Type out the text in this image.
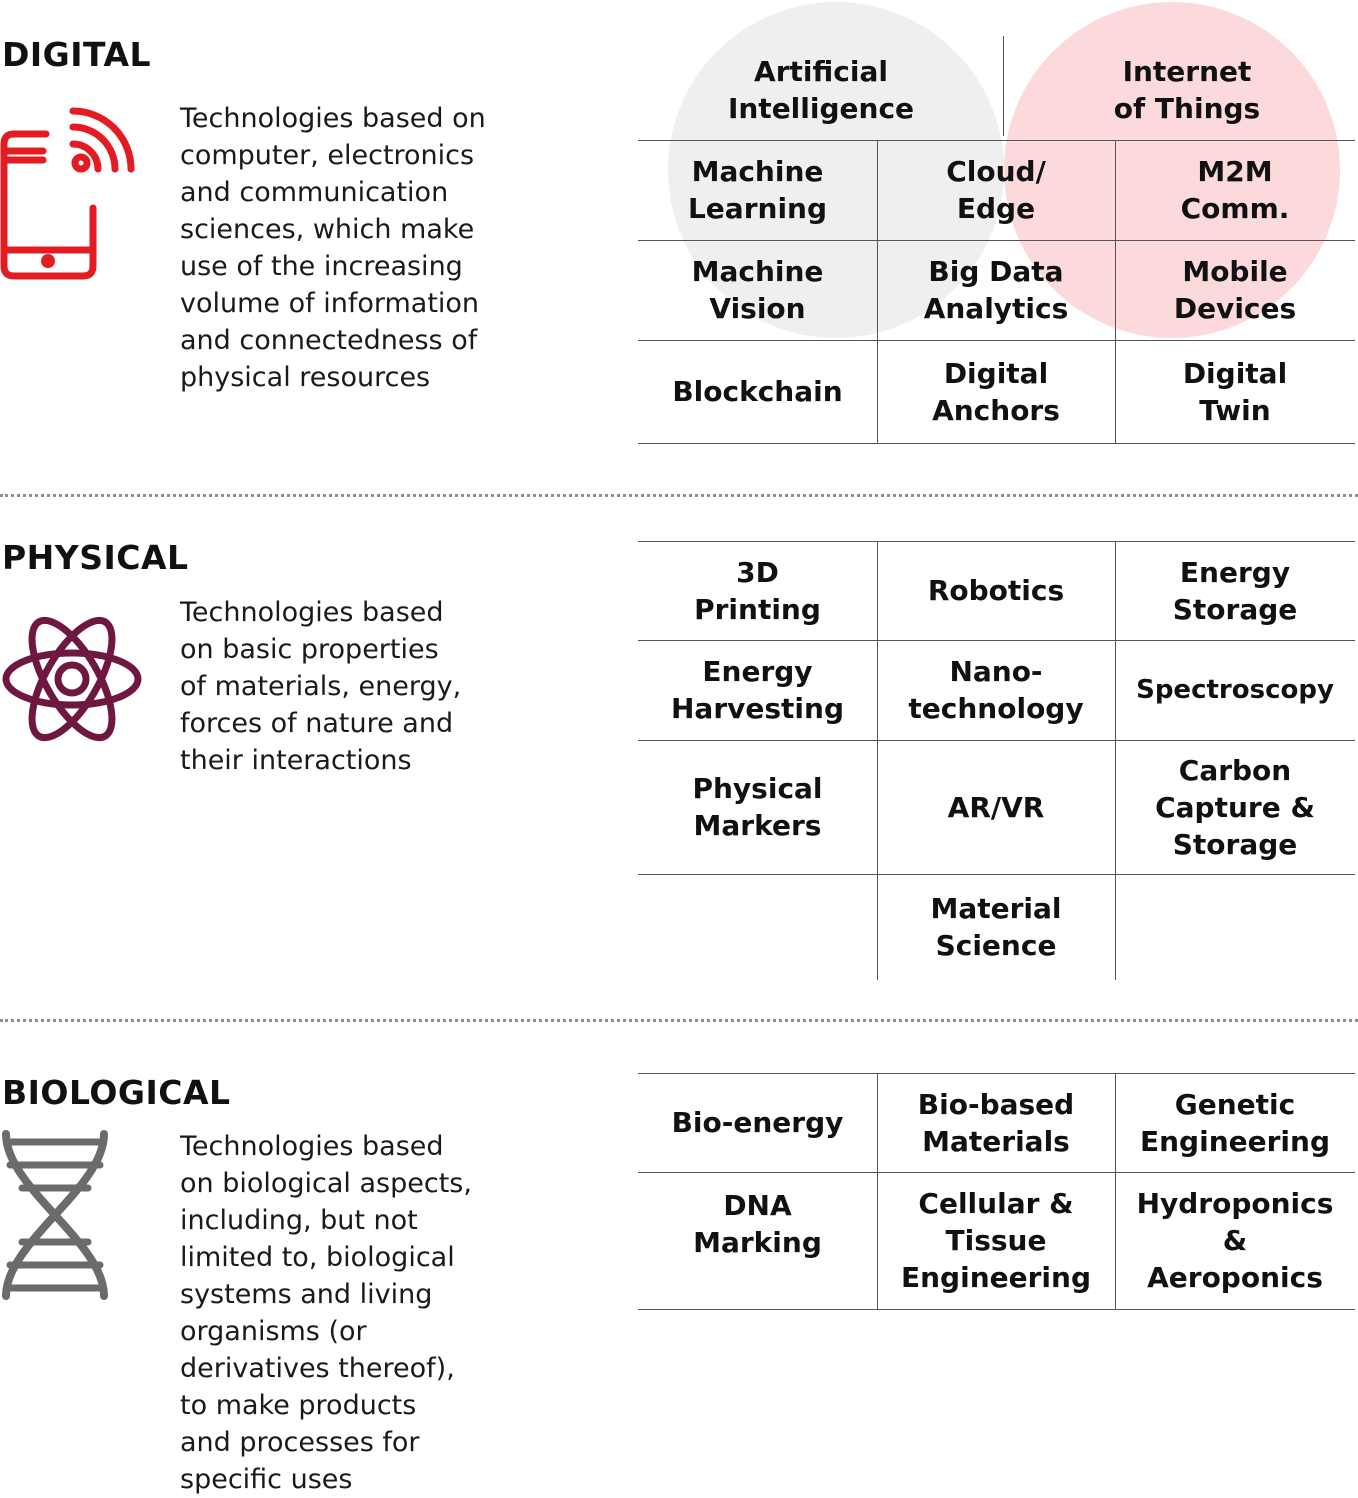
DIGITAL

Technologies based on
computer, electronics
and communication
sciences, which make
use of the increasing
volume of information
and connectedness of
physical resources

Artificial
Intelligence
Internet
of Things
Machine
Learning
Cloud/
Edge
M2M
Comm.
Machine
Vision
Big Data
Analytics
Mobile
Devices
Blockchain
Digital
Anchors
Digital
Twin
PHYSICAL

Technologies based
on basic properties
of materials, energy,
forces of nature and
their interactions

3D
Printing
Robotics
Energy
Storage
Energy
Harvesting
Nano-
technology
Spectroscopy
Physical
Markers
AR/VR
Carbon
Capture &
Storage
Material
Science
BIOLOGICAL

Technologies based
on biological aspects,
including, but not
limited to, biological
systems and living
organisms (or
derivatives thereof),
to make products
and processes for
specific uses

Bio-energy
Bio-based
Materials
Genetic
Engineering
DNA
Marking
Cellular &
Tissue
Engineering
Hydroponics
&
Aeroponics
